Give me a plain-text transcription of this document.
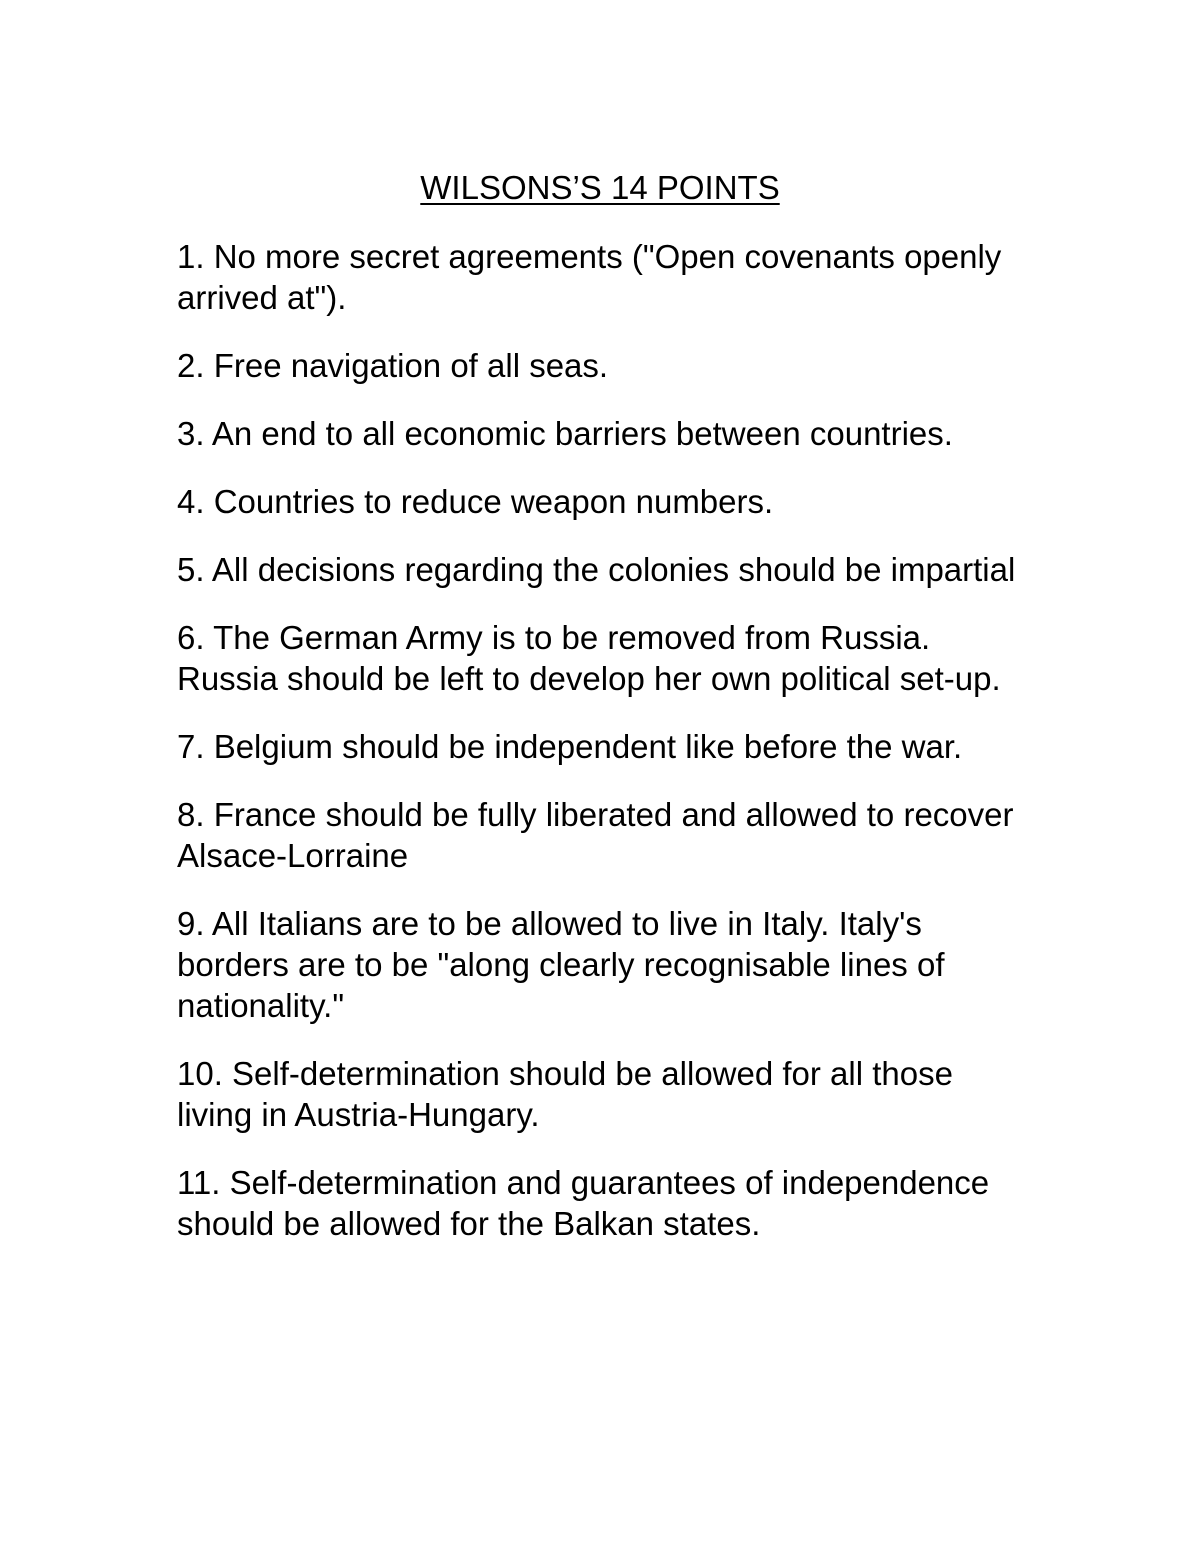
WILSONS’S 14 POINTS
1. No more secret agreements ("Open covenants openly arrived at").
2. Free navigation of all seas.
3. An end to all economic barriers between countries.
4. Countries to reduce weapon numbers.
5. All decisions regarding the colonies should be impartial
6. The German Army is to be removed from Russia. Russia should be left to develop her own political set-up.
7. Belgium should be independent like before the war.
8. France should be fully liberated and allowed to recover Alsace-Lorraine
9. All Italians are to be allowed to live in Italy. Italy's borders are to be "along clearly recognisable lines of nationality."
10. Self-determination should be allowed for all those living in Austria-Hungary.
11. Self-determination and guarantees of independence should be allowed for the Balkan states.
